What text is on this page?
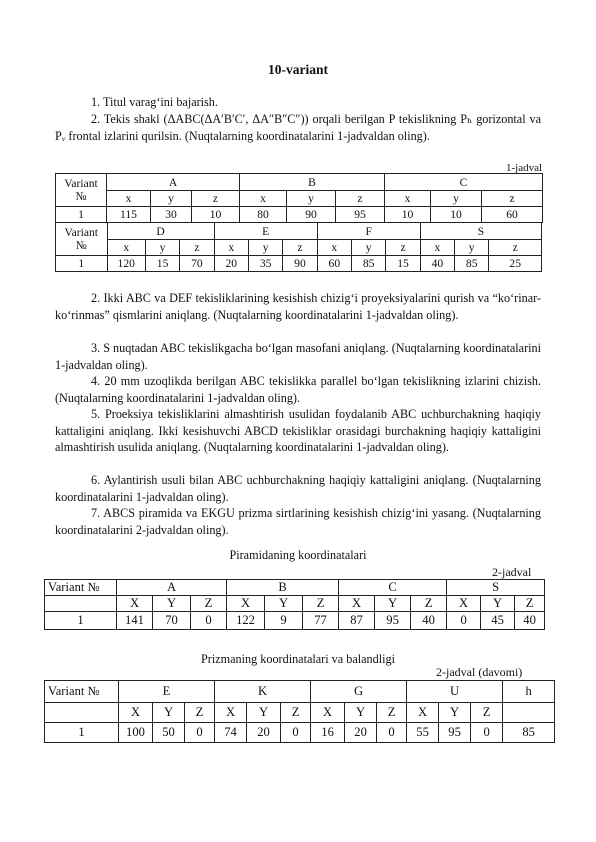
10-variant

1. Titul varag‘ini bajarish.

2. Tekis shakl (ΔABC(ΔA′B′C′, ΔA″B″C″)) orqali berilgan P tekislikning Pₕ gorizontal va Pᵥ frontal izlarini qurilsin. (Nuqtalarning koordinatalarini 1-jadvaldan oling).

1-jadval
Variant
№	A			B			C		
	x	y	z	x	y	z	x	y	z
1	115	30	10	80	90	95	10	10	60
Variant
№	D			E			F			S		
	x	y	z	x	y	z	x	y	z	x	y	z
1	120	15	70	20	35	90	60	85	15	40	85	25

2. Ikki ABC va DEF tekisliklarining kesishish chizig‘i proyeksiyalarini qurish va “ko‘rinar-ko‘rinmas” qismlarini aniqlang. (Nuqtalarning koordinatalarini 1-jadvaldan oling).

3. S nuqtadan ABC tekislikgacha bo‘lgan masofani aniqlang. (Nuqtalarning koordinatalarini 1-jadvaldan oling).

4. 20 mm uzoqlikda berilgan ABC tekislikka parallel bo‘lgan tekislikning izlarini chizish. (Nuqtalarning koordinatalarini 1-jadvaldan oling).

5. Proeksiya tekisliklarini almashtirish usulidan foydalanib ABC uchburchakning haqiqiy kattaligini aniqlang. Ikki kesishuvchi ABCD tekisliklar orasidagi burchakning haqiqiy kattaligini almashtirish usulida aniqlang. (Nuqtalarning koordinatalarini 1-jadvaldan oling).

6. Aylantirish usuli bilan ABC uchburchakning haqiqiy kattaligini aniqlang. (Nuqtalarning koordinatalarini 1-jadvaldan oling).

7. ABCS piramida va EKGU prizma sirtlarining kesishish chizig‘ini yasang. (Nuqtalarning koordinatalarini 2-jadvaldan oling).

Piramidaning koordinatalari
2-jadval
Variant №	A			B			C			S		
	X	Y	Z	X	Y	Z	X	Y	Z	X	Y	Z
1	141	70	0	122	9	77	87	95	40	0	45	40
Prizmaning koordinatalari va balandligi
2-jadval (davomi)
Variant №	E			K			G			U			h
	X	Y	Z	X	Y	Z	X	Y	Z	X	Y	Z	
1	100	50	0	74	20	0	16	20	0	55	95	0	85
